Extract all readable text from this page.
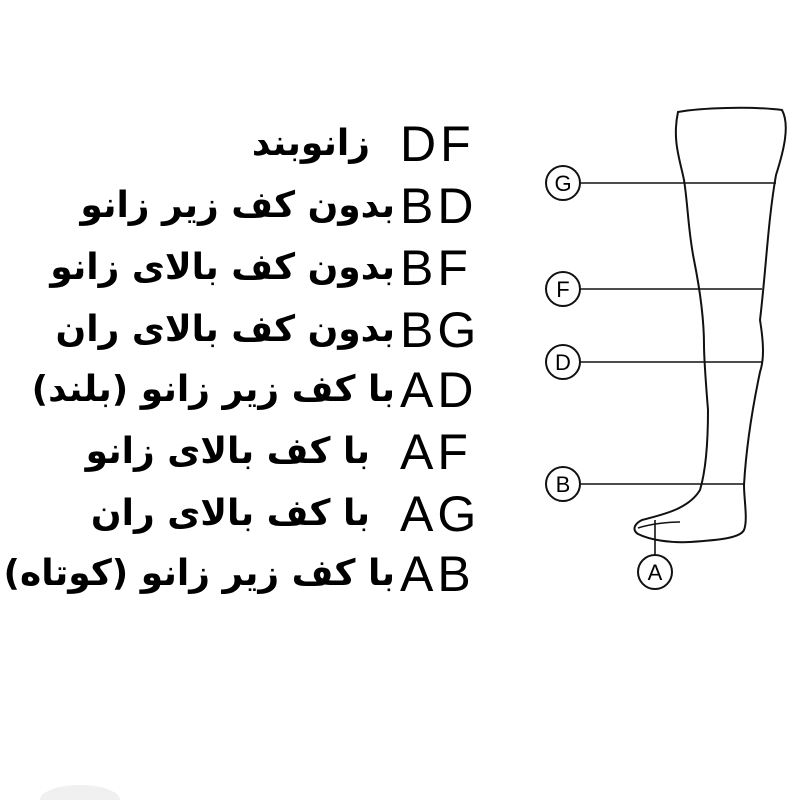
DF
زانوبند
BD
بدون کف زیر زانو
BF
بدون کف بالای زانو
BG
بدون کف بالای ران
AD
با کف زیر زانو (بلند)
AF
با کف بالای زانو
AG
با کف بالای ران
AB
با کف زیر زانو (کوتاه)
G
F
D
B
A
